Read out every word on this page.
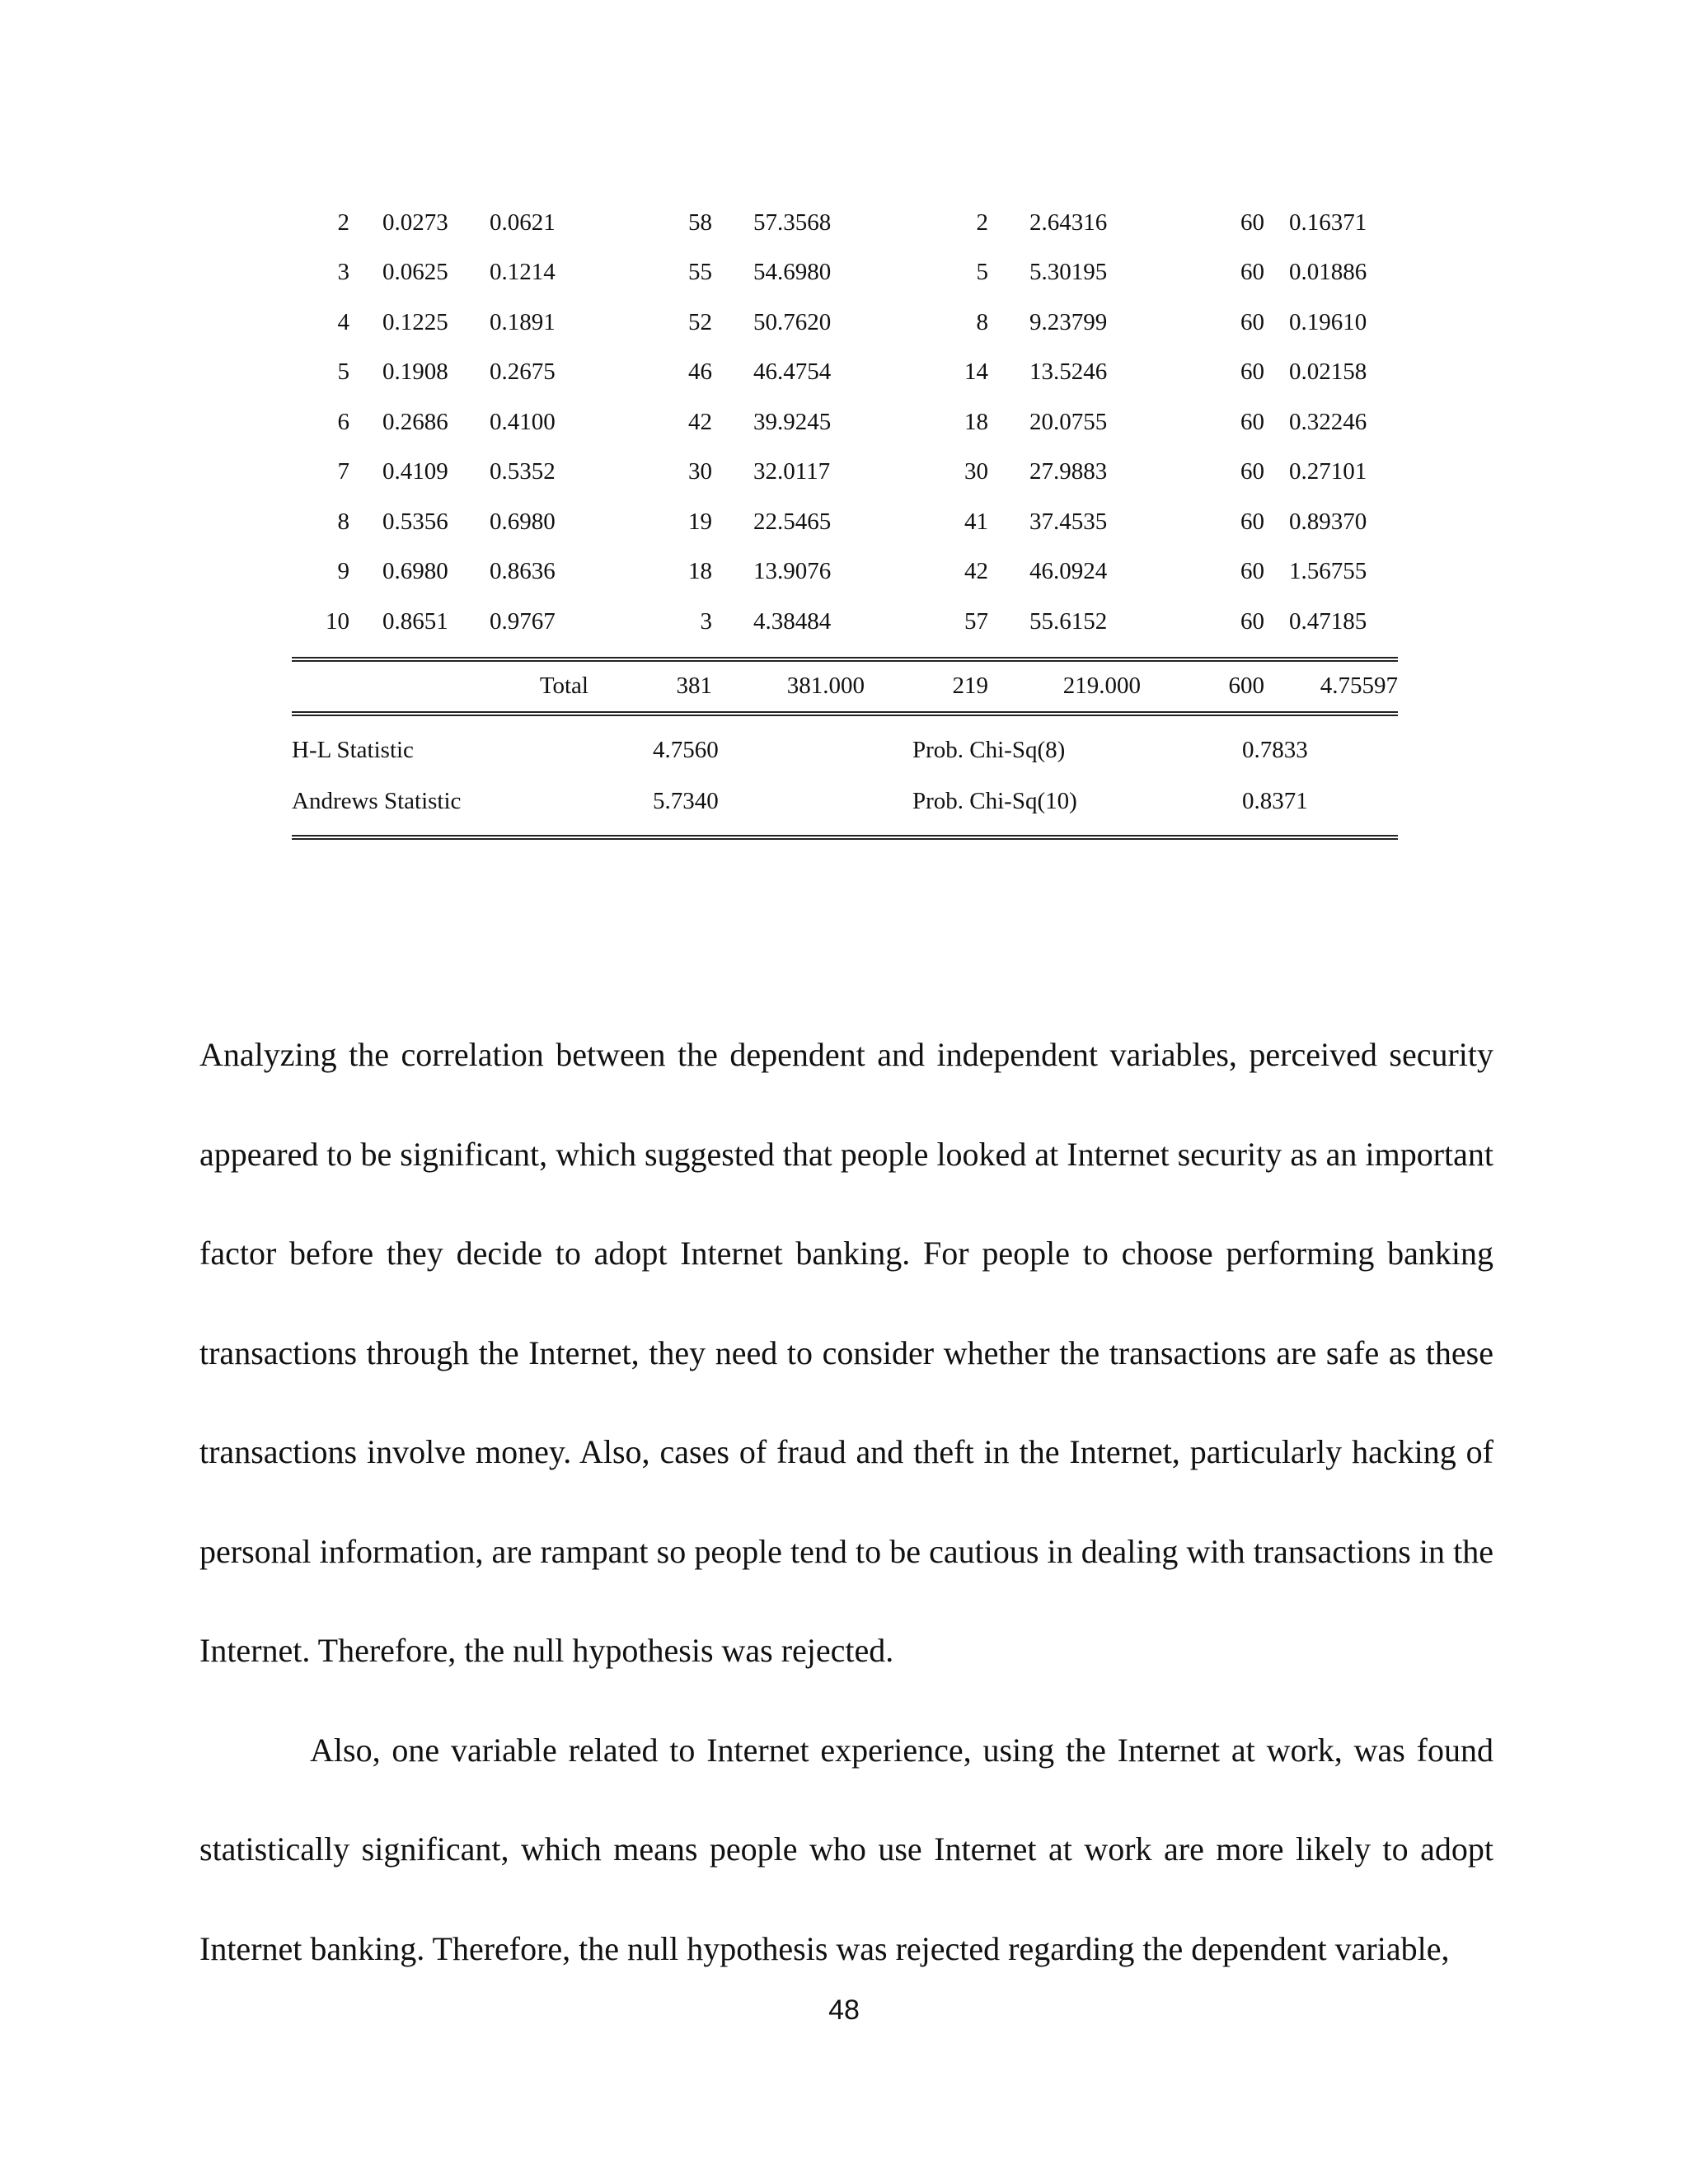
2	0.0273	0.0621	58	57.3568	2	2.64316	60	0.16371
3	0.0625	0.1214	55	54.6980	5	5.30195	60	0.01886
4	0.1225	0.1891	52	50.7620	8	9.23799	60	0.19610
5	0.1908	0.2675	46	46.4754	14	13.5246	60	0.02158
6	0.2686	0.4100	42	39.9245	18	20.0755	60	0.32246
7	0.4109	0.5352	30	32.0117	30	27.9883	60	0.27101
8	0.5356	0.6980	19	22.5465	41	37.4535	60	0.89370
9	0.6980	0.8636	18	13.9076	42	46.0924	60	1.56755
10	0.8651	0.9767	3	4.38484	57	55.6152	60	0.47185
		Total	381	381.000	219	219.000	600	4.75597
H-L Statistic	4.7560		Prob. Chi-Sq(8)	0.7833
Andrews Statistic	5.7340		Prob. Chi-Sq(10)	0.8371

Analyzing the correlation between the dependent and independent variables, perceived security appeared to be significant, which suggested that people looked at Internet security as an important factor before they decide to adopt Internet banking. For people to choose performing banking transactions through the Internet, they need to consider whether the transactions are safe as these transactions involve money. Also, cases of fraud and theft in the Internet, particularly hacking of personal information, are rampant so people tend to be cautious in dealing with transactions in the Internet. Therefore, the null hypothesis was rejected.

Also, one variable related to Internet experience, using the Internet at work, was found statistically significant, which means people who use Internet at work are more likely to adopt Internet banking. Therefore, the null hypothesis was rejected regarding the dependent variable,

48
